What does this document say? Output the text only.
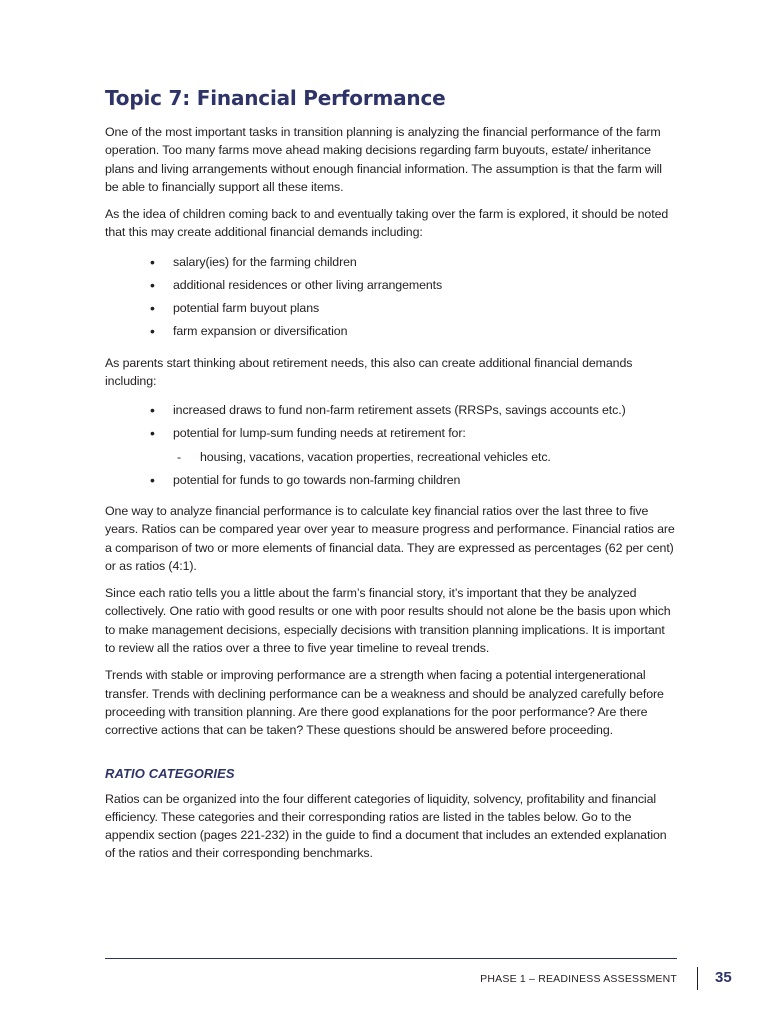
Topic 7: Financial Performance

One of the most important tasks in transition planning is analyzing the financial performance of the farm operation. Too many farms move ahead making decisions regarding farm buyouts, estate/ inheritance plans and living arrangements without enough financial information. The assumption is that the farm will be able to financially support all these items.

As the idea of children coming back to and eventually taking over the farm is explored, it should be noted that this may create additional financial demands including:

• salary(ies) for the farming children
• additional residences or other living arrangements
• potential farm buyout plans
• farm expansion or diversification

As parents start thinking about retirement needs, this also can create additional financial demands including:

• increased draws to fund non-farm retirement assets (RRSPs, savings accounts etc.)
• potential for lump-sum funding needs at retirement for:
- housing, vacations, vacation properties, recreational vehicles etc.
• potential for funds to go towards non-farming children

One way to analyze financial performance is to calculate key financial ratios over the last three to five years. Ratios can be compared year over year to measure progress and performance. Financial ratios are a comparison of two or more elements of financial data. They are expressed as percentages (62 per cent) or as ratios (4:1).

Since each ratio tells you a little about the farm’s financial story, it’s important that they be analyzed collectively. One ratio with good results or one with poor results should not alone be the basis upon which to make management decisions, especially decisions with transition planning implications. It is important to review all the ratios over a three to five year timeline to reveal trends.

Trends with stable or improving performance are a strength when facing a potential intergenerational transfer. Trends with declining performance can be a weakness and should be analyzed carefully before proceeding with transition planning. Are there good explanations for the poor performance? Are there corrective actions that can be taken? These questions should be answered before proceeding.

RATIO CATEGORIES

Ratios can be organized into the four different categories of liquidity, solvency, profitability and financial efficiency. These categories and their corresponding ratios are listed in the tables below. Go to the appendix section (pages 221-232) in the guide to find a document that includes an extended explanation of the ratios and their corresponding benchmarks.

PHASE 1 – READINESS ASSESSMENT	35
